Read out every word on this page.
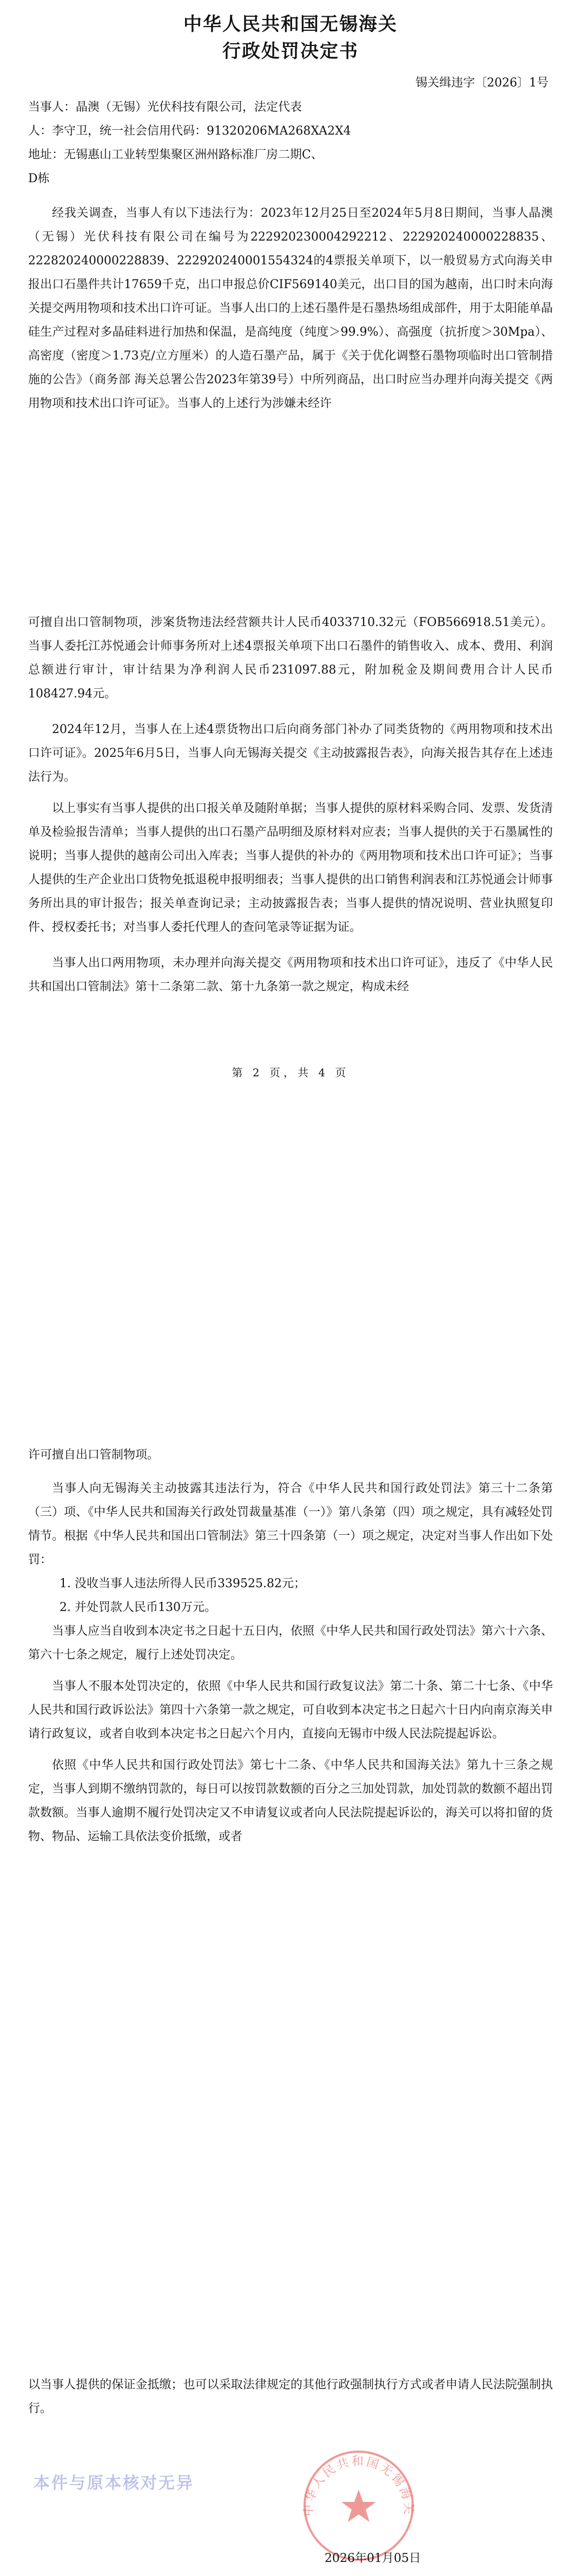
中华人民共和国无锡海关
行政处罚决定书
锡关缉违字〔2026〕1号

当事人：晶澳（无锡）光伏科技有限公司，法定代表

人：李守卫，统一社会信用代码：91320206MA268XA2X4

地址：无锡惠山工业转型集聚区洲州路标准厂房二期C、

D栋

经我关调查，当事人有以下违法行为：2023年12月25日至2024年5月8日期间，当事人晶澳（无锡）光伏科技有限公司在编号为222920230004292212、222920240000228835、222820240000228839、222920240001554324的4票报关单项下，以一般贸易方式向海关申报出口石墨件共计17659千克，出口申报总价CIF569140美元，出口目的国为越南，出口时未向海关提交两用物项和技术出口许可证。当事人出口的上述石墨件是石墨热场组成部件，用于太阳能单晶硅生产过程对多晶硅料进行加热和保温，是高纯度（纯度＞99.9%）、高强度（抗折度＞30Mpa）、高密度（密度＞1.73克/立方厘米）的人造石墨产品，属于《关于优化调整石墨物项临时出口管制措施的公告》（商务部 海关总署公告2023年第39号）中所列商品，出口时应当办理并向海关提交《两用物项和技术出口许可证》。当事人的上述行为涉嫌未经许

可擅自出口管制物项，涉案货物违法经营额共计人民币4033710.32元（FOB566918.51美元）。当事人委托江苏悦通会计师事务所对上述4票报关单项下出口石墨件的销售收入、成本、费用、利润总额进行审计，审计结果为净利润人民币231097.88元，附加税金及期间费用合计人民币108427.94元。

2024年12月，当事人在上述4票货物出口后向商务部门补办了同类货物的《两用物项和技术出口许可证》。2025年6月5日，当事人向无锡海关提交《主动披露报告表》，向海关报告其存在上述违法行为。

以上事实有当事人提供的出口报关单及随附单据；当事人提供的原材料采购合同、发票、发货清单及检验报告清单；当事人提供的出口石墨产品明细及原材料对应表；当事人提供的关于石墨属性的说明；当事人提供的越南公司出入库表；当事人提供的补办的《两用物项和技术出口许可证》；当事人提供的生产企业出口货物免抵退税申报明细表；当事人提供的出口销售利润表和江苏悦通会计师事务所出具的审计报告；报关单查询记录；主动披露报告表；当事人提供的情况说明、营业执照复印件、授权委托书；对当事人委托代理人的查问笔录等证据为证。

当事人出口两用物项，未办理并向海关提交《两用物项和技术出口许可证》，违反了《中华人民共和国出口管制法》第十二条第二款、第十九条第一款之规定，构成未经

第 2 页，共 4 页

许可擅自出口管制物项。

当事人向无锡海关主动披露其违法行为，符合《中华人民共和国行政处罚法》第三十二条第（三）项、《中华人民共和国海关行政处罚裁量基准（一）》第八条第（四）项之规定，具有减轻处罚情节。根据《中华人民共和国出口管制法》第三十四条第（一）项之规定，决定对当事人作出如下处罚：

1. 没收当事人违法所得人民币339525.82元；

2. 并处罚款人民币130万元。

当事人应当自收到本决定书之日起十五日内，依照《中华人民共和国行政处罚法》第六十六条、第六十七条之规定，履行上述处罚决定。

当事人不服本处罚决定的，依照《中华人民共和国行政复议法》第二十条、第二十七条、《中华人民共和国行政诉讼法》第四十六条第一款之规定，可自收到本决定书之日起六十日内向南京海关申请行政复议，或者自收到本决定书之日起六个月内，直接向无锡市中级人民法院提起诉讼。

依照《中华人民共和国行政处罚法》第七十二条、《中华人民共和国海关法》第九十三条之规定，当事人到期不缴纳罚款的，每日可以按罚款数额的百分之三加处罚款，加处罚款的数额不超出罚款数额。当事人逾期不履行处罚决定又不申请复议或者向人民法院提起诉讼的，海关可以将扣留的货物、物品、运输工具依法变价抵缴，或者

以当事人提供的保证金抵缴；也可以采取法律规定的其他行政强制执行方式或者申请人民法院强制执行。

本件与原本核对无异
中华人民共和国无锡海关
2026年01月05日
